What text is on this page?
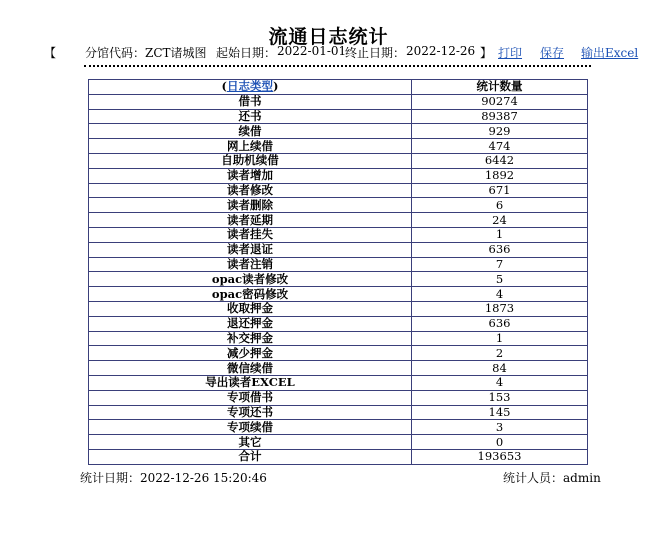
流通日志统计
【 分馆代码： ZCT诸城图 起始日期： 2022-01-01
终止日期： 2022-12-26 】 打印 保存 输出Excel
(日志类型)	统计数量
借书	90274
还书	89387
续借	929
网上续借	474
自助机续借	6442
读者增加	1892
读者修改	671
读者删除	6
读者延期	24
读者挂失	1
读者退证	636
读者注销	7
opac读者修改	5
opac密码修改	4
收取押金	1873
退还押金	636
补交押金	1
减少押金	2
微信续借	84
导出读者EXCEL	4
专项借书	153
专项还书	145
专项续借	3
其它	0
合计	193653
统计日期：2022-12-26 15:20:46	统计人员：admin
